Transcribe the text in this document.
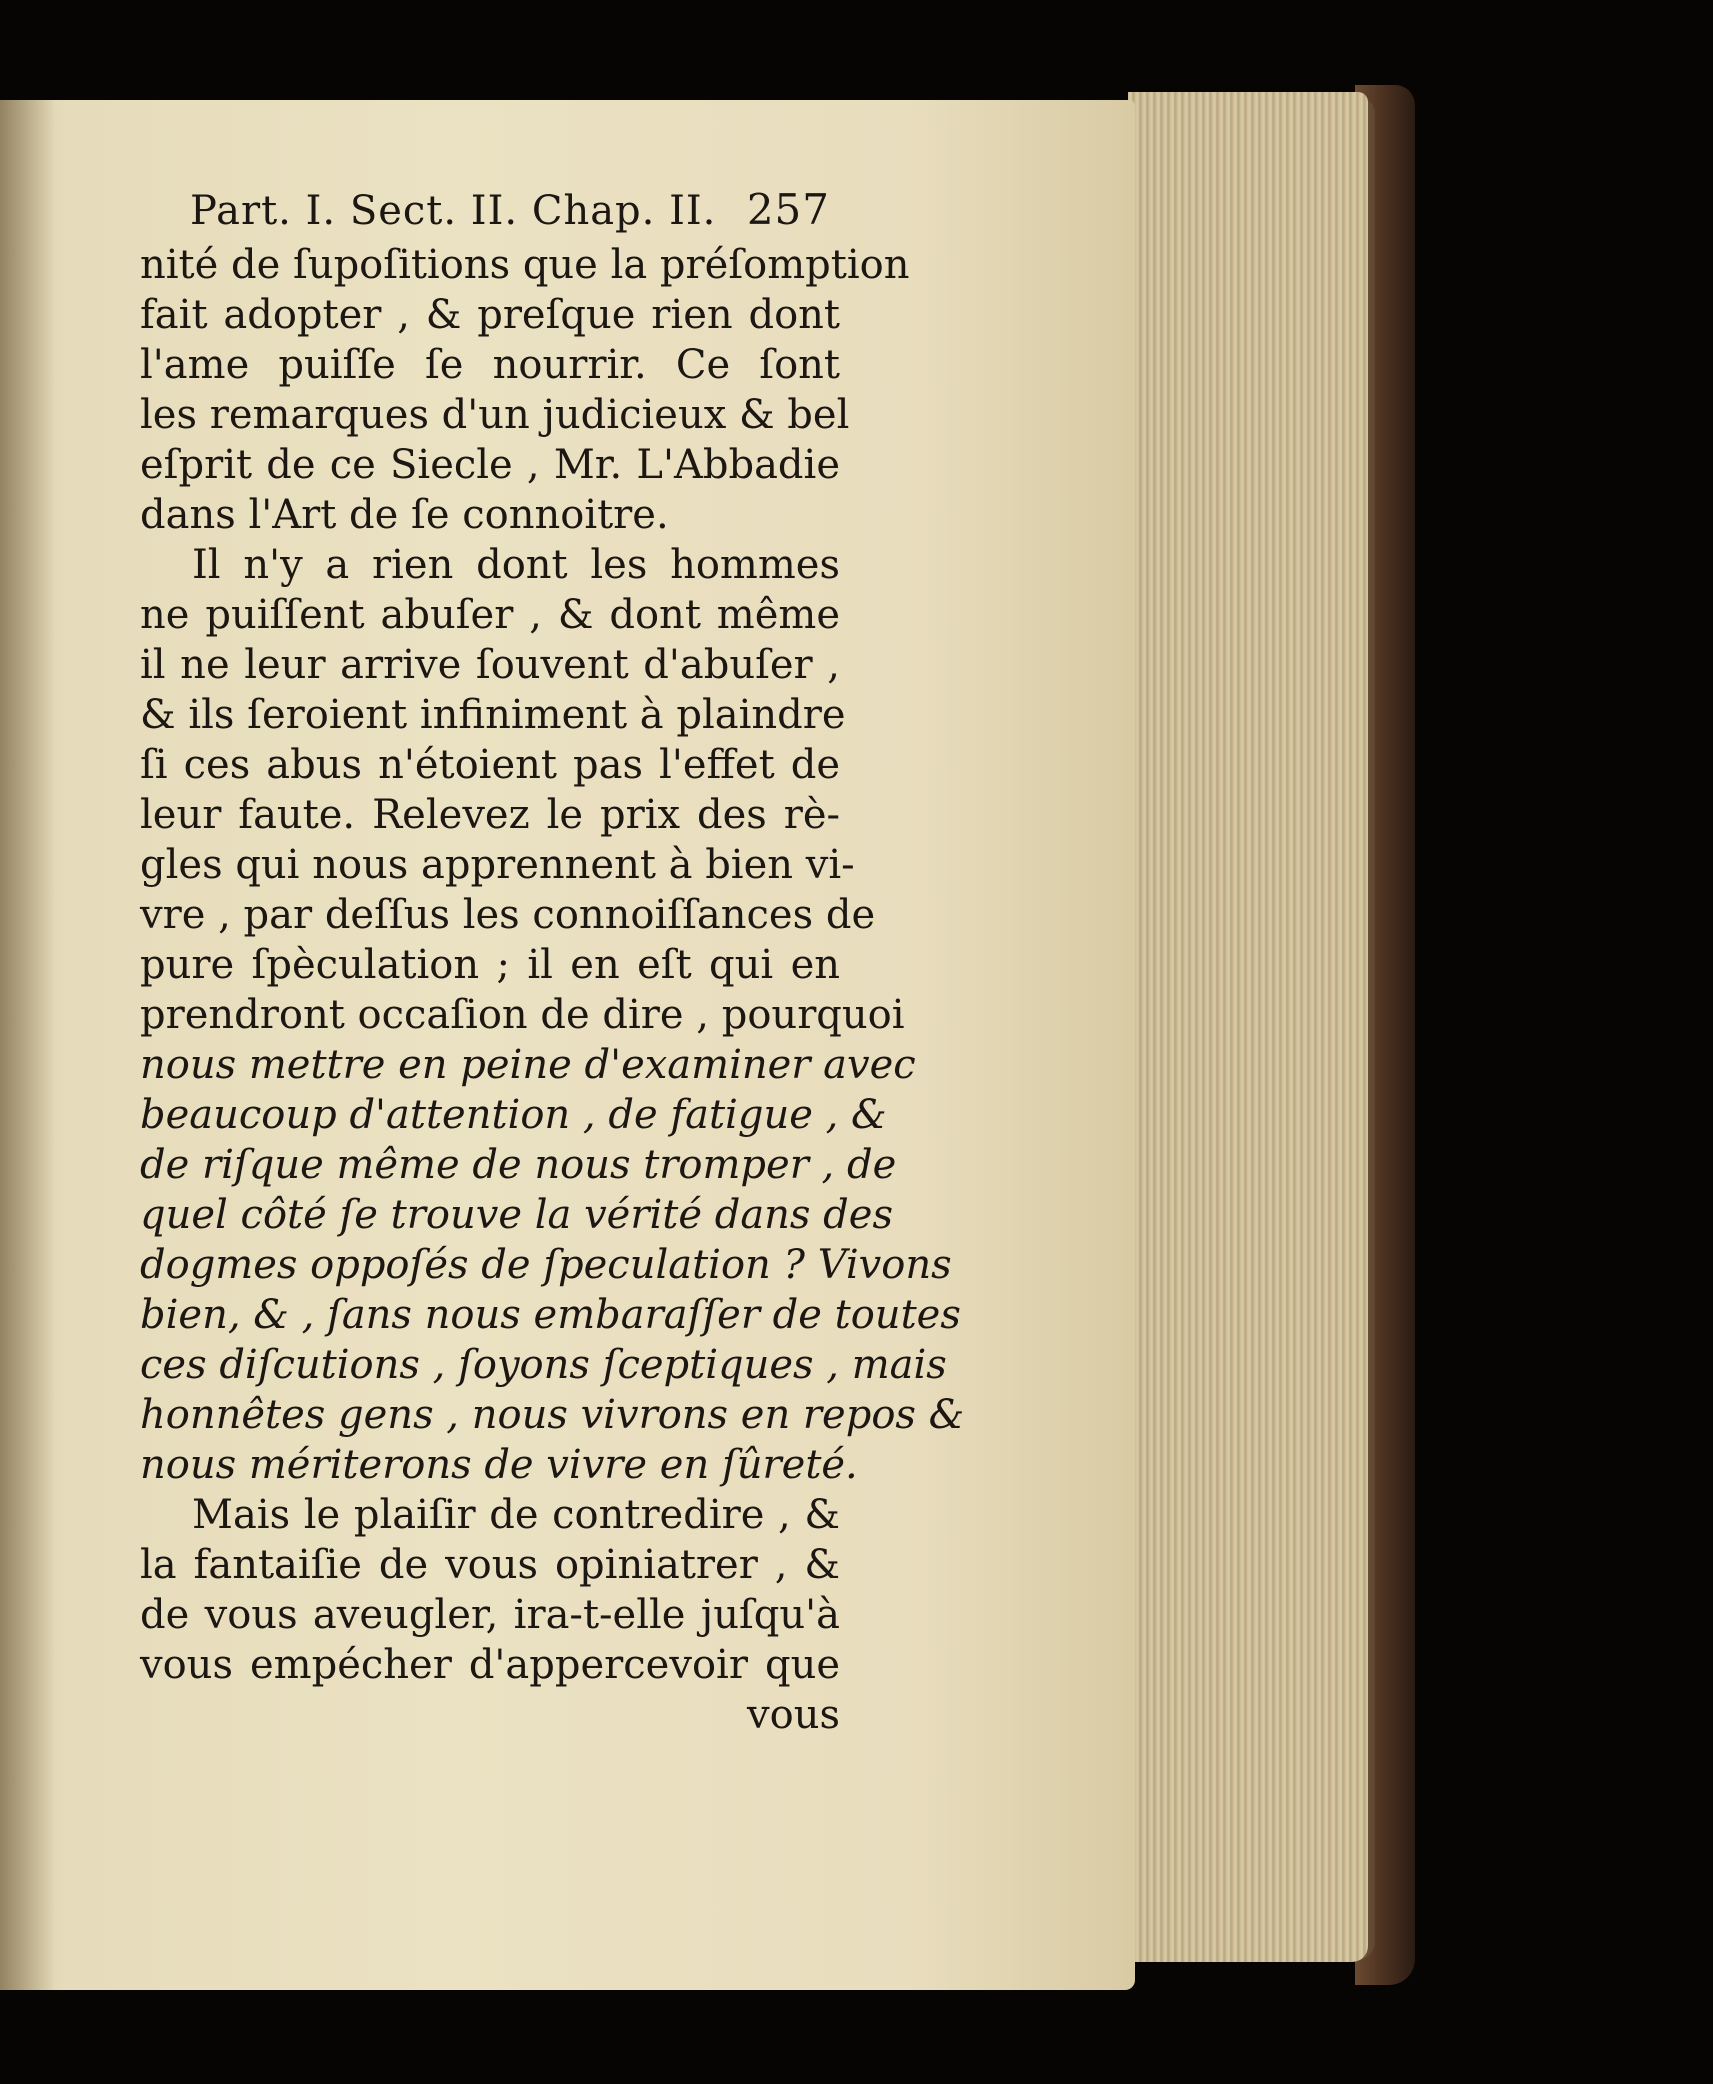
Part. I. Sect. II. Chap. II. 257
nité de ſupoſitions que la préſomption
fait adopter , & preſque rien dont
l'ame puiſſe ſe nourrir. Ce ſont
les remarques d'un judicieux & bel
eſprit de ce Siecle , Mr. L'Abbadie
dans l'Art de ſe connoitre.
Il n'y a rien dont les hommes
ne puiſſent abuſer , & dont même
il ne leur arrive ſouvent d'abuſer ,
& ils ſeroient infiniment à plaindre
ſi ces abus n'étoient pas l'effet de
leur faute. Relevez le prix des rè-
gles qui nous apprennent à bien vi-
vre , par deſſus les connoiſſances de
pure ſpèculation ; il en eſt qui en
prendront occaſion de dire , pourquoi
nous mettre en peine d'examiner avec
beaucoup d'attention , de fatigue , &
de riſque même de nous tromper , de
quel côté ſe trouve la vérité dans des
dogmes oppoſés de ſpeculation ? Vivons
bien, & , ſans nous embaraſſer de toutes
ces diſcutions , ſoyons ſceptiques , mais
honnêtes gens , nous vivrons en repos &
nous mériterons de vivre en ſûreté.
Mais le plaiſir de contredire , &
la fantaiſie de vous opiniatrer , &
de vous aveugler, ira-t-elle juſqu'à
vous empécher d'appercevoir que
vous
